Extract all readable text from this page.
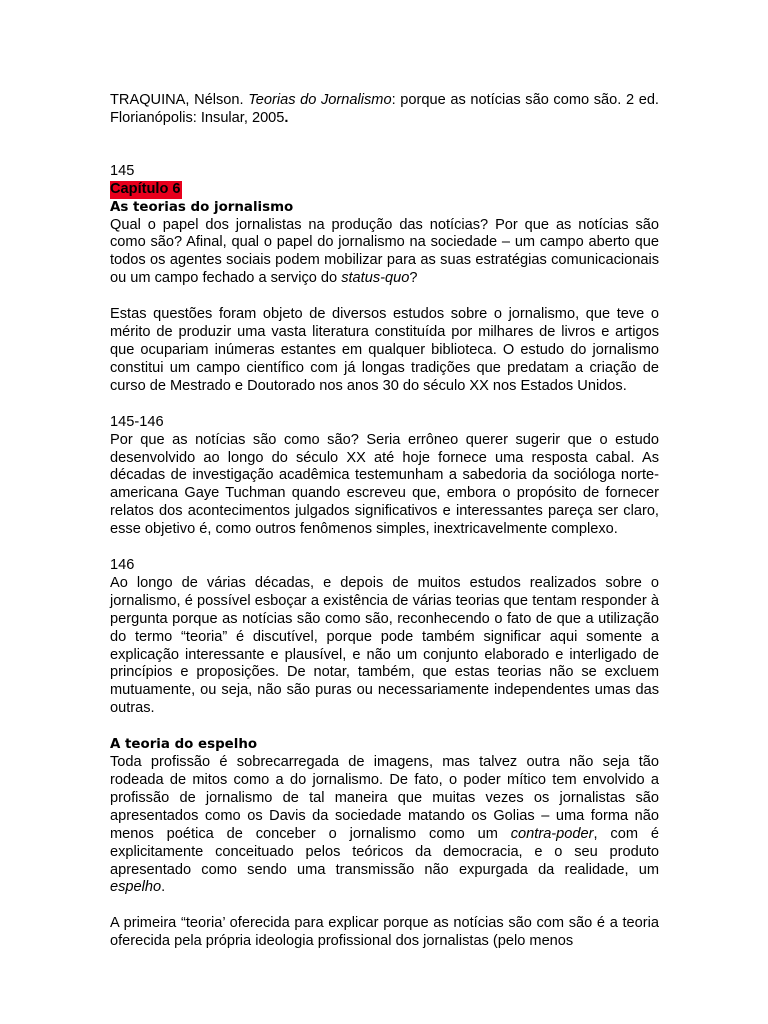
TRAQUINA, Nélson. Teorias do Jornalismo: porque as notícias são como são. 2 ed. Florianópolis: Insular, 2005.

145
Capítulo 6
As teorias do jornalismo

Qual o papel dos jornalistas na produção das notícias? Por que as notícias são como são? Afinal, qual o papel do jornalismo na sociedade – um campo aberto que todos os agentes sociais podem mobilizar para as suas estratégias comunicacionais ou um campo fechado a serviço do status-quo?

Estas questões foram objeto de diversos estudos sobre o jornalismo, que teve o mérito de produzir uma vasta literatura constituída por milhares de livros e artigos que ocupariam inúmeras estantes em qualquer biblioteca. O estudo do jornalismo constitui um campo científico com já longas tradições que predatam a criação de curso de Mestrado e Doutorado nos anos 30 do século XX nos Estados Unidos.

145-146

Por que as notícias são como são? Seria errôneo querer sugerir que o estudo desenvolvido ao longo do século XX até hoje fornece uma resposta cabal. As décadas de investigação acadêmica testemunham a sabedoria da socióloga norte-americana Gaye Tuchman quando escreveu que, embora o propósito de fornecer relatos dos acontecimentos julgados significativos e interessantes pareça ser claro, esse objetivo é, como outros fenômenos simples, inextricavelmente complexo.

146

Ao longo de várias décadas, e depois de muitos estudos realizados sobre o jornalismo, é possível esboçar a existência de várias teorias que tentam responder à pergunta porque as notícias são como são, reconhecendo o fato de que a utilização do termo “teoria” é discutível, porque pode também significar aqui somente a explicação interessante e plausível, e não um conjunto elaborado e interligado de princípios e proposições. De notar, também, que estas teorias não se excluem mutuamente, ou seja, não são puras ou necessariamente independentes umas das outras.

A teoria do espelho

Toda profissão é sobrecarregada de imagens, mas talvez outra não seja tão rodeada de mitos como a do jornalismo. De fato, o poder mítico tem envolvido a profissão de jornalismo de tal maneira que muitas vezes os jornalistas são apresentados como os Davis da sociedade matando os Golias – uma forma não menos poética de conceber o jornalismo como um contra-poder, com é explicitamente conceituado pelos teóricos da democracia, e o seu produto apresentado como sendo uma transmissão não expurgada da realidade, um espelho.

A primeira “teoria’ oferecida para explicar porque as notícias são com são é a teoria oferecida pela própria ideologia profissional dos jornalistas (pelo menos
